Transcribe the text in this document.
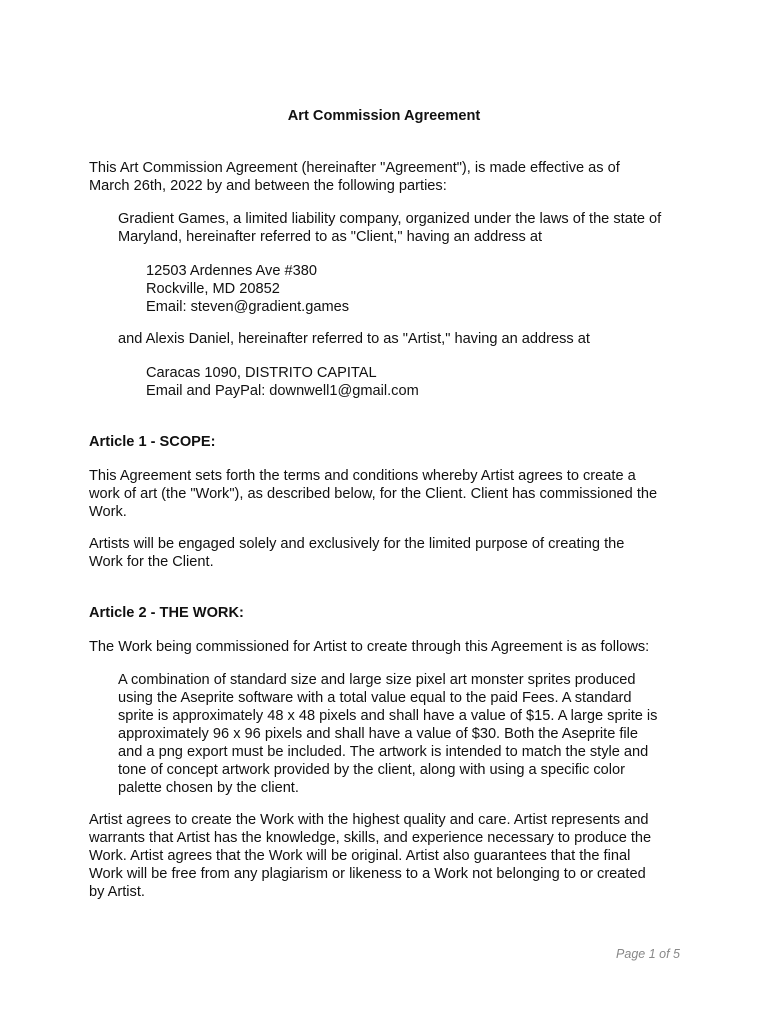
Art Commission Agreement
This Art Commission Agreement (hereinafter "Agreement"), is made effective as of
March 26th, 2022 by and between the following parties:
Gradient Games, a limited liability company, organized under the laws of the state of
Maryland, hereinafter referred to as "Client," having an address at
12503 Ardennes Ave #380
Rockville, MD 20852
Email: steven@gradient.games
and Alexis Daniel, hereinafter referred to as "Artist," having an address at
Caracas 1090, DISTRITO CAPITAL
Email and PayPal: downwell1@gmail.com
Article 1 - SCOPE:
This Agreement sets forth the terms and conditions whereby Artist agrees to create a
work of art (the "Work"), as described below, for the Client. Client has commissioned the
Work.
Artists will be engaged solely and exclusively for the limited purpose of creating the
Work for the Client.
Article 2 - THE WORK:
The Work being commissioned for Artist to create through this Agreement is as follows:
A combination of standard size and large size pixel art monster sprites produced
using the Aseprite software with a total value equal to the paid Fees. A standard
sprite is approximately 48 x 48 pixels and shall have a value of $15. A large sprite is
approximately 96 x 96 pixels and shall have a value of $30. Both the Aseprite file
and a png export must be included. The artwork is intended to match the style and
tone of concept artwork provided by the client, along with using a specific color
palette chosen by the client.
Artist agrees to create the Work with the highest quality and care. Artist represents and
warrants that Artist has the knowledge, skills, and experience necessary to produce the
Work. Artist agrees that the Work will be original. Artist also guarantees that the final
Work will be free from any plagiarism or likeness to a Work not belonging to or created
by Artist.
Page 1 of 5
